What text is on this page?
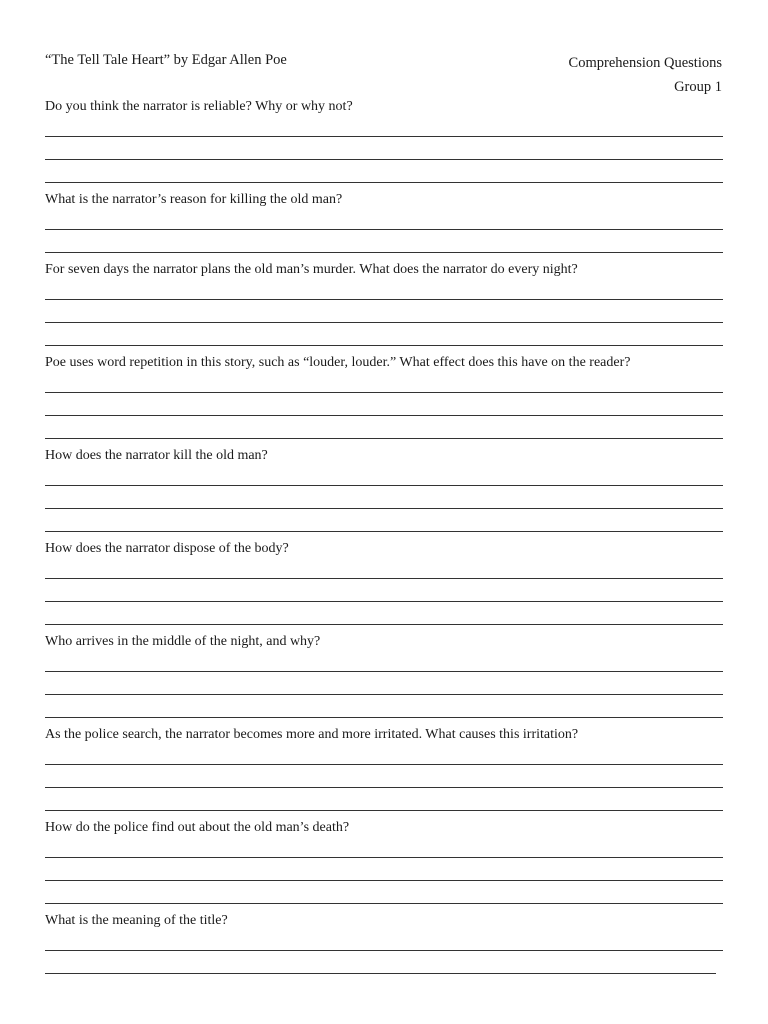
“The Tell Tale Heart” by Edgar Allen Poe	Comprehension Questions
Group 1
Do you think the narrator is reliable? Why or why not?
What is the narrator’s reason for killing the old man?
For seven days the narrator plans the old man’s murder. What does the narrator do every night?
Poe uses word repetition in this story, such as “louder, louder.” What effect does this have on the reader?
How does the narrator kill the old man?
How does the narrator dispose of the body?
Who arrives in the middle of the night, and why?
As the police search, the narrator becomes more and more irritated. What causes this irritation?
How do the police find out about the old man’s death?
What is the meaning of the title?
